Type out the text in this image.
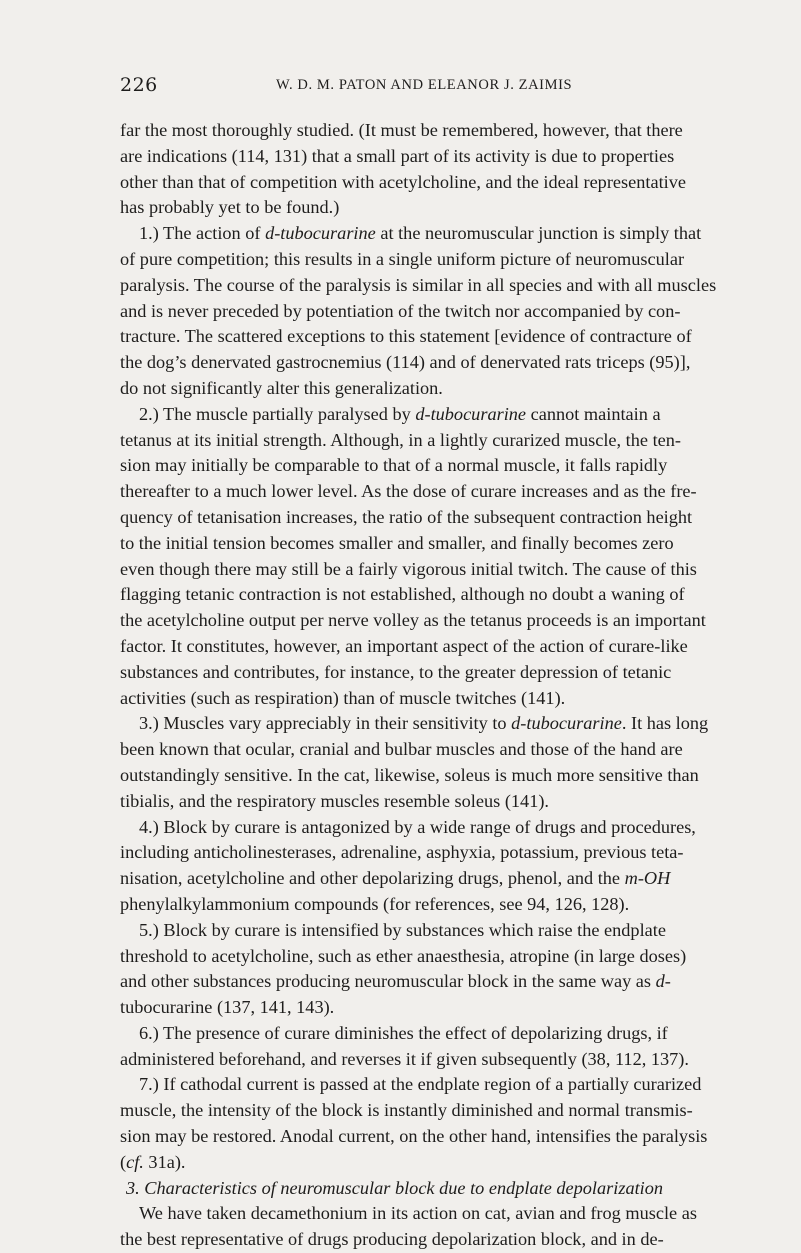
226	W. D. M. PATON AND ELEANOR J. ZAIMIS
far the most thoroughly studied. (It must be remembered, however, that there
are indications (114, 131) that a small part of its activity is due to properties
other than that of competition with acetylcholine, and the ideal representative
has probably yet to be found.)
1.) The action of d-tubocurarine at the neuromuscular junction is simply that
of pure competition; this results in a single uniform picture of neuromuscular
paralysis. The course of the paralysis is similar in all species and with all muscles
and is never preceded by potentiation of the twitch nor accompanied by con-
tracture. The scattered exceptions to this statement [evidence of contracture of
the dog’s denervated gastrocnemius (114) and of denervated rats triceps (95)],
do not significantly alter this generalization.
2.) The muscle partially paralysed by d-tubocurarine cannot maintain a
tetanus at its initial strength. Although, in a lightly curarized muscle, the ten-
sion may initially be comparable to that of a normal muscle, it falls rapidly
thereafter to a much lower level. As the dose of curare increases and as the fre-
quency of tetanisation increases, the ratio of the subsequent contraction height
to the initial tension becomes smaller and smaller, and finally becomes zero
even though there may still be a fairly vigorous initial twitch. The cause of this
flagging tetanic contraction is not established, although no doubt a waning of
the acetylcholine output per nerve volley as the tetanus proceeds is an important
factor. It constitutes, however, an important aspect of the action of curare-like
substances and contributes, for instance, to the greater depression of tetanic
activities (such as respiration) than of muscle twitches (141).
3.) Muscles vary appreciably in their sensitivity to d-tubocurarine. It has long
been known that ocular, cranial and bulbar muscles and those of the hand are
outstandingly sensitive. In the cat, likewise, soleus is much more sensitive than
tibialis, and the respiratory muscles resemble soleus (141).
4.) Block by curare is antagonized by a wide range of drugs and procedures,
including anticholinesterases, adrenaline, asphyxia, potassium, previous teta-
nisation, acetylcholine and other depolarizing drugs, phenol, and the m-OH
phenylalkylammonium compounds (for references, see 94, 126, 128).
5.) Block by curare is intensified by substances which raise the endplate
threshold to acetylcholine, such as ether anaesthesia, atropine (in large doses)
and other substances producing neuromuscular block in the same way as d-
tubocurarine (137, 141, 143).
6.) The presence of curare diminishes the effect of depolarizing drugs, if
administered beforehand, and reverses it if given subsequently (38, 112, 137).
7.) If cathodal current is passed at the endplate region of a partially curarized
muscle, the intensity of the block is instantly diminished and normal transmis-
sion may be restored. Anodal current, on the other hand, intensifies the paralysis
(cf. 31a).
3. Characteristics of neuromuscular block due to endplate depolarization
We have taken decamethonium in its action on cat, avian and frog muscle as
the best representative of drugs producing depolarization block, and in de-
